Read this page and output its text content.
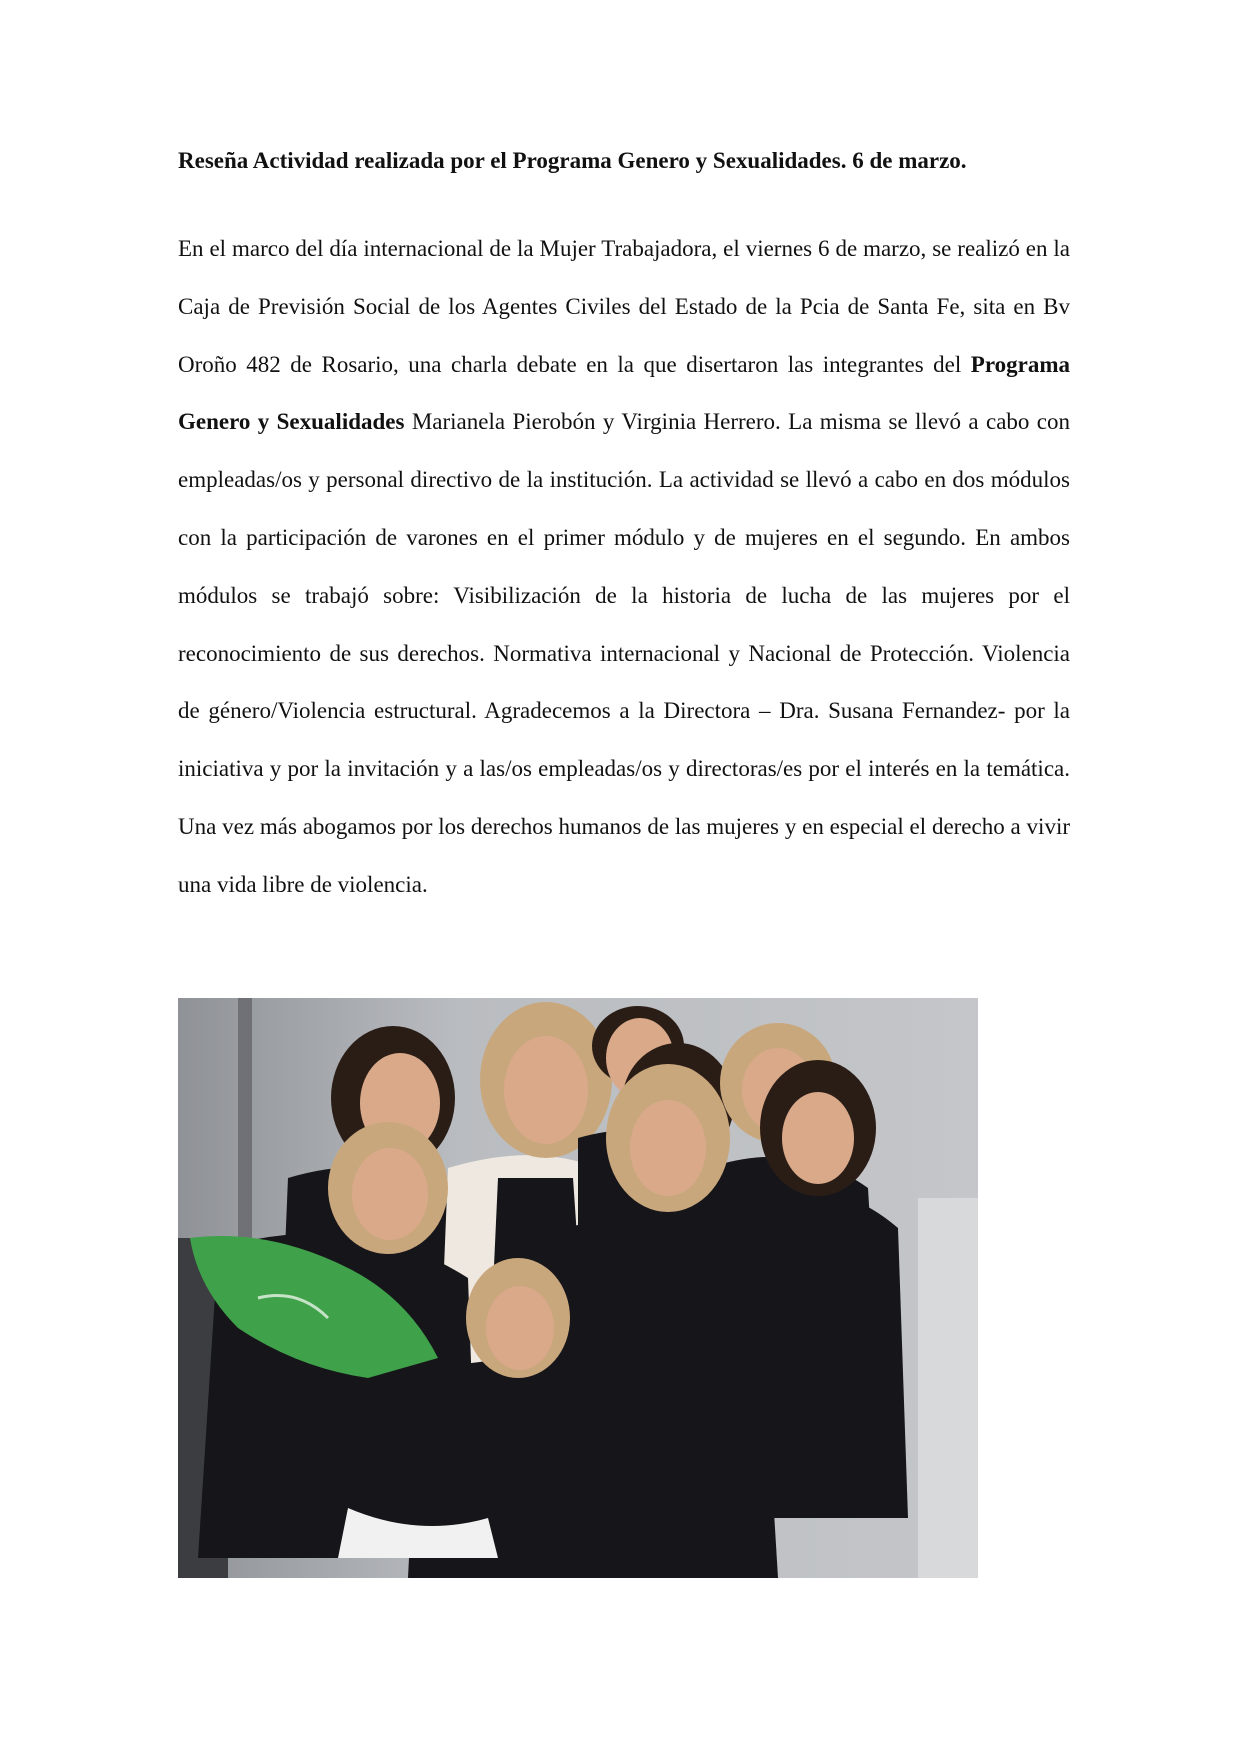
Reseña Actividad realizada por el Programa Genero y Sexualidades. 6 de marzo.
En el marco del día internacional de la Mujer Trabajadora, el viernes 6 de marzo, se realizó en la Caja de Previsión Social de los Agentes Civiles del Estado de la Pcia de Santa Fe, sita en Bv Oroño 482 de Rosario, una charla debate en la que disertaron las integrantes del Programa Genero y Sexualidades Marianela Pierobón y Virginia Herrero. La misma se llevó a cabo con empleadas/os y personal directivo de la institución. La actividad se llevó a cabo en dos módulos con la participación de varones en el primer módulo y de mujeres en el segundo. En ambos módulos se trabajó sobre: Visibilización de la historia de lucha de las mujeres por el reconocimiento de sus derechos. Normativa internacional y Nacional de Protección. Violencia de género/Violencia estructural. Agradecemos a la Directora – Dra. Susana Fernandez- por la iniciativa y por la invitación y a las/os empleadas/os y directoras/es por el interés en la temática. Una vez más abogamos por los derechos humanos de las mujeres y en especial el derecho a vivir una vida libre de violencia.
